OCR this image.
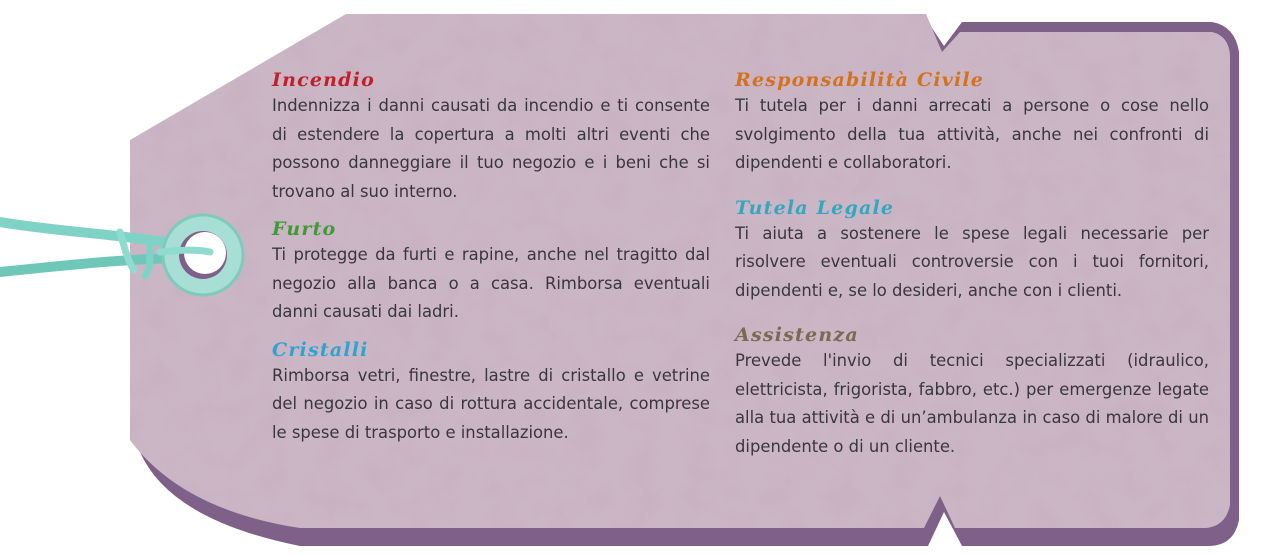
Incendio
Indennizza i danni causati da incendio e ti consente di estendere la copertura a molti altri eventi che possono danneggiare il tuo negozio e i beni che si trovano al suo interno.
Furto
Ti protegge da furti e rapine, anche nel tragitto dal negozio alla banca o a casa. Rimborsa eventuali danni causati dai ladri.
Cristalli
Rimborsa vetri, finestre, lastre di cristallo e vetrine del negozio in caso di rottura accidentale, comprese le spese di trasporto e installazione.
Responsabilità Civile
Ti tutela per i danni arrecati a persone o cose nello svolgimento della tua attività, anche nei confronti di dipendenti e collaboratori.
Tutela Legale
Ti aiuta a sostenere le spese legali necessarie per risolvere eventuali controversie con i tuoi fornitori, dipendenti e, se lo desideri, anche con i clienti.
Assistenza
Prevede l'invio di tecnici specializzati (idraulico, elettricista, frigorista, fabbro, etc.) per emergenze legate alla tua attività e di un’ambulanza in caso di malore di un dipendente o di un cliente.
